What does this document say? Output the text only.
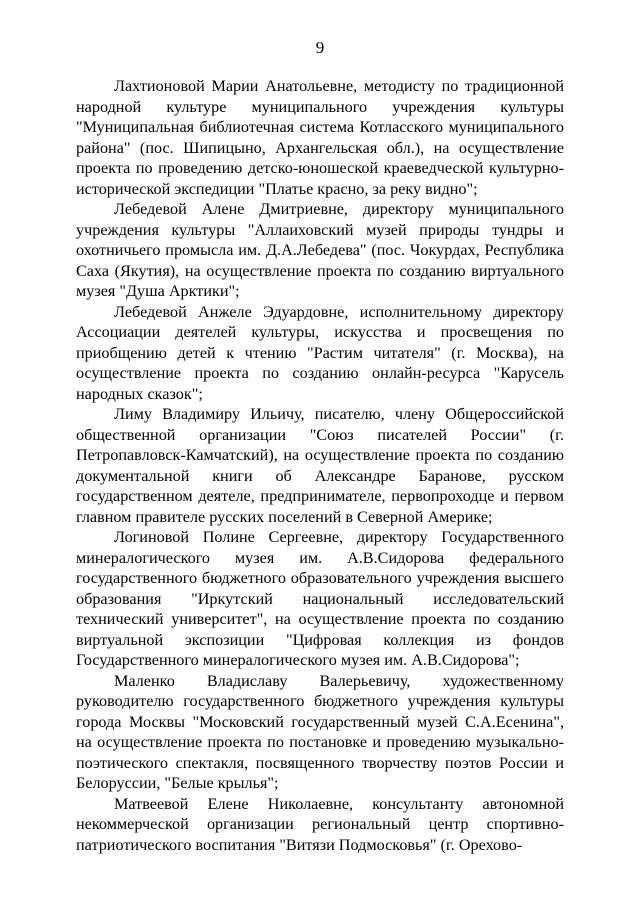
9

Лахтионовой Марии Анатольевне, методисту по традиционной народной культуре муниципального учреждения культуры "Муниципальная библиотечная система Котласского муниципального района" (пос. Шипицыно, Архангельская обл.), на осуществление проекта по проведению детско-юношеской краеведческой культурно-исторической экспедиции "Платье красно, за реку видно";

Лебедевой Алене Дмитриевне, директору муниципального учреждения культуры "Аллаиховский музей природы тундры и охотничьего промысла им. Д.А.Лебедева" (пос. Чокурдах, Республика Саха (Якутия), на осуществление проекта по созданию виртуального музея "Душа Арктики";

Лебедевой Анжеле Эдуардовне, исполнительному директору Ассоциации деятелей культуры, искусства и просвещения по приобщению детей к чтению "Растим читателя" (г. Москва), на осуществление проекта по созданию онлайн-ресурса "Карусель народных сказок";

Лиму Владимиру Ильичу, писателю, члену Общероссийской общественной организации "Союз писателей России" (г. Петропавловск-Камчатский), на осуществление проекта по созданию документальной книги об Александре Баранове, русском государственном деятеле, предпринимателе, первопроходце и первом главном правителе русских поселений в Северной Америке;

Логиновой Полине Сергеевне, директору Государственного минералогического музея им. А.В.Сидорова федерального государственного бюджетного образовательного учреждения высшего образования "Иркутский национальный исследовательский технический университет", на осуществление проекта по созданию виртуальной экспозиции "Цифровая коллекция из фондов Государственного минералогического музея им. А.В.Сидорова";

Маленко Владиславу Валерьевичу, художественному руководителю государственного бюджетного учреждения культуры города Москвы "Московский государственный музей С.А.Есенина", на осуществление проекта по постановке и проведению музыкально-поэтического спектакля, посвященного творчеству поэтов России и Белоруссии, "Белые крылья";

Матвеевой Елене Николаевне, консультанту автономной некоммерческой организации региональный центр спортивно-патриотического воспитания "Витязи Подмосковья" (г. Орехово-
